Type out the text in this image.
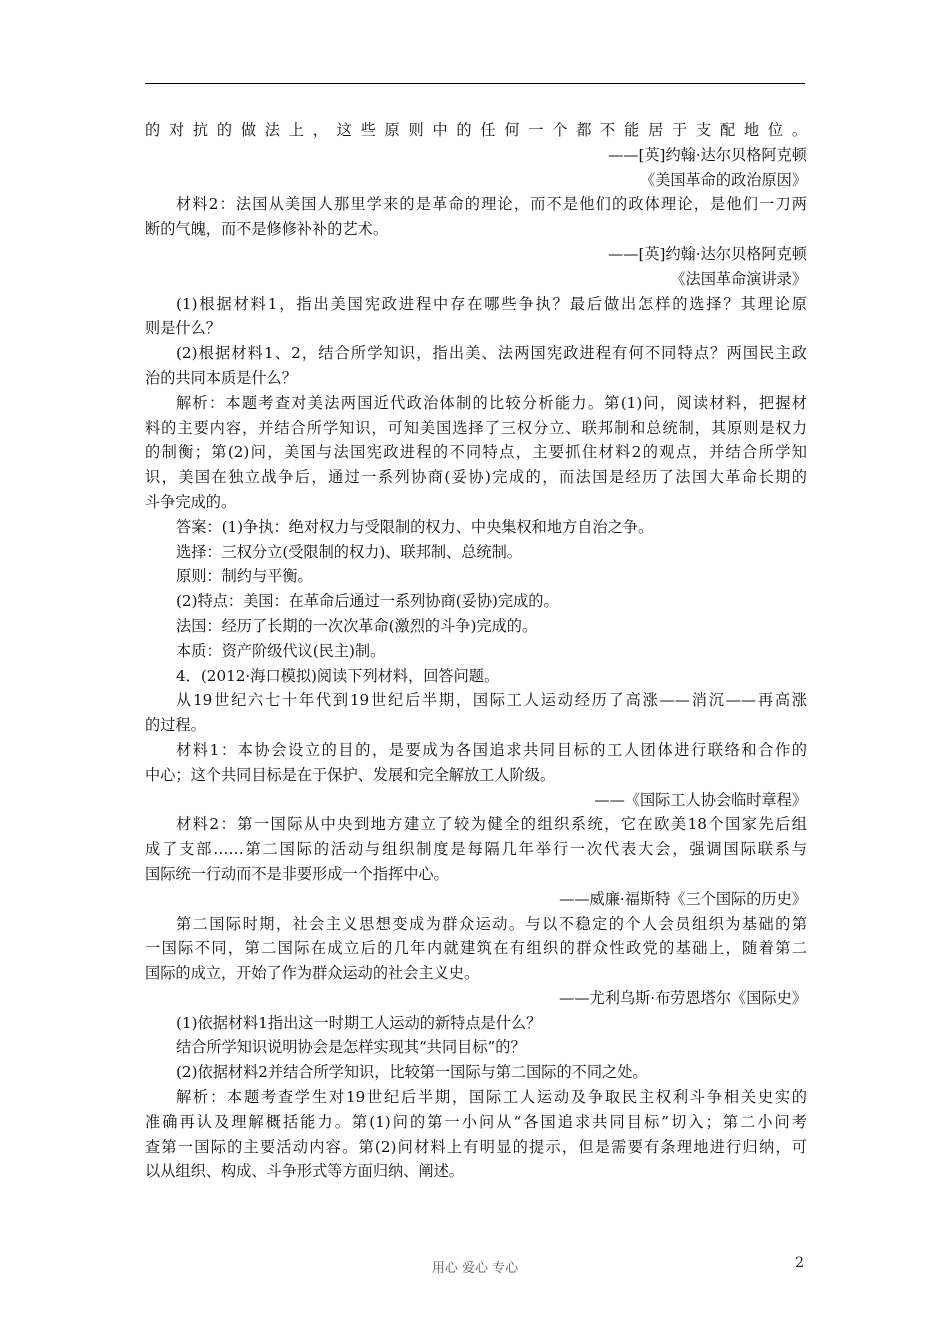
的对抗的做法上，这些原则中的任何一个都不能居于支配地位。
——[英]约翰·达尔贝格阿克顿
《美国革命的政治原因》
材料2：法国从美国人那里学来的是革命的理论，而不是他们的政体理论，是他们一刀两
断的气魄，而不是修修补补的艺术。
——[英]约翰·达尔贝格阿克顿
《法国革命演讲录》
(1)根据材料1，指出美国宪政进程中存在哪些争执？最后做出怎样的选择？其理论原
则是什么？
(2)根据材料1、2，结合所学知识，指出美、法两国宪政进程有何不同特点？两国民主政
治的共同本质是什么？
解析：本题考查对美法两国近代政治体制的比较分析能力。第(1)问，阅读材料，把握材
料的主要内容，并结合所学知识，可知美国选择了三权分立、联邦制和总统制，其原则是权力
的制衡；第(2)问，美国与法国宪政进程的不同特点，主要抓住材料2的观点，并结合所学知
识，美国在独立战争后，通过一系列协商(妥协)完成的，而法国是经历了法国大革命长期的
斗争完成的。
答案：(1)争执：绝对权力与受限制的权力、中央集权和地方自治之争。
选择：三权分立(受限制的权力)、联邦制、总统制。
原则：制约与平衡。
(2)特点：美国：在革命后通过一系列协商(妥协)完成的。
法国：经历了长期的一次次革命(激烈的斗争)完成的。
本质：资产阶级代议(民主)制。
4．(2012·海口模拟)阅读下列材料，回答问题。
从19世纪六七十年代到19世纪后半期，国际工人运动经历了高涨——消沉——再高涨
的过程。
材料1：本协会设立的目的，是要成为各国追求共同目标的工人团体进行联络和合作的
中心；这个共同目标是在于保护、发展和完全解放工人阶级。
——《国际工人协会临时章程》
材料2：第一国际从中央到地方建立了较为健全的组织系统，它在欧美18个国家先后组
成了支部……第二国际的活动与组织制度是每隔几年举行一次代表大会，强调国际联系与
国际统一行动而不是非要形成一个指挥中心。
——威廉·福斯特《三个国际的历史》
第二国际时期，社会主义思想变成为群众运动。与以不稳定的个人会员组织为基础的第
一国际不同，第二国际在成立后的几年内就建筑在有组织的群众性政党的基础上，随着第二
国际的成立，开始了作为群众运动的社会主义史。
——尤利乌斯·布劳恩塔尔《国际史》
(1)依据材料1指出这一时期工人运动的新特点是什么？
结合所学知识说明协会是怎样实现其“共同目标”的？
(2)依据材料2并结合所学知识，比较第一国际与第二国际的不同之处。
解析：本题考查学生对19世纪后半期，国际工人运动及争取民主权利斗争相关史实的
准确再认及理解概括能力。第(1)问的第一小问从“各国追求共同目标”切入；第二小问考
查第一国际的主要活动内容。第(2)问材料上有明显的提示，但是需要有条理地进行归纳，可
以从组织、构成、斗争形式等方面归纳、阐述。
用心 爱心 专心	2
